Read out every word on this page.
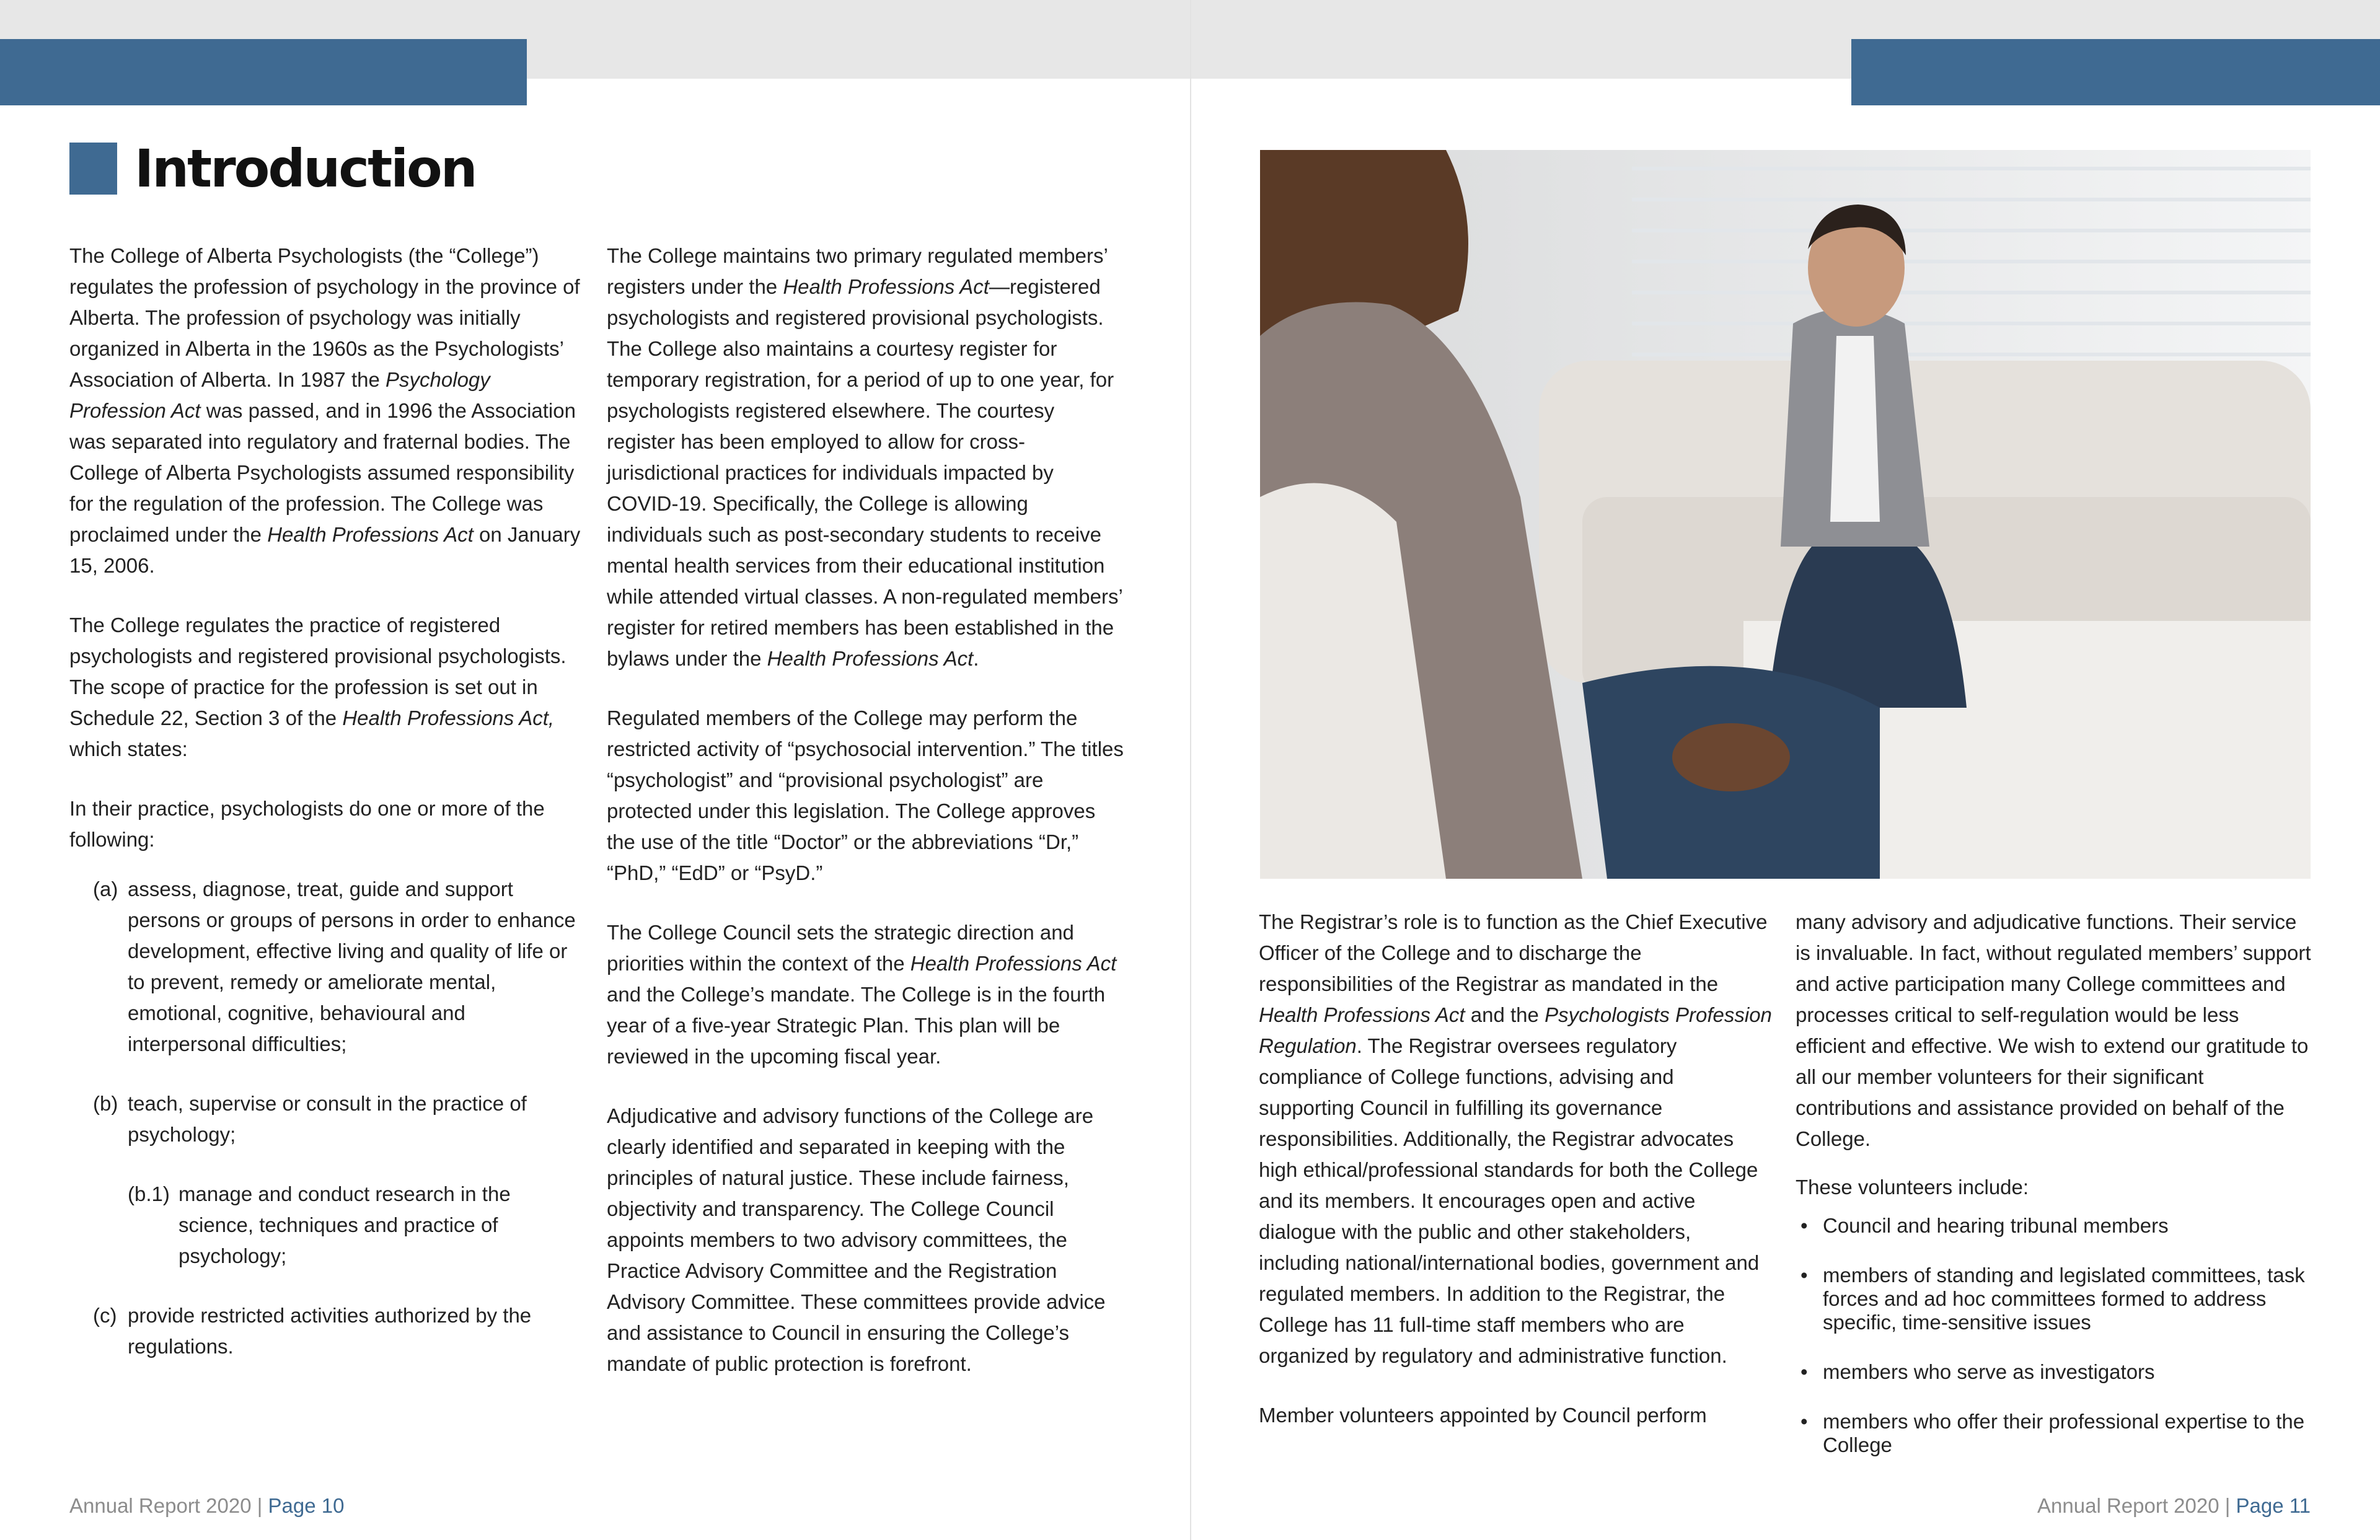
Introduction

The College of Alberta Psychologists (the “College”) regulates the profession of psychology in the province of Alberta. The profession of psychology was initially organized in Alberta in the 1960s as the Psychologists’ Association of Alberta. In 1987 the Psychology Profession Act was passed, and in 1996 the Association was separated into regulatory and fraternal bodies. The College of Alberta Psychologists assumed responsibility for the regulation of the profession. The College was proclaimed under the Health Professions Act on January 15, 2006.

The College regulates the practice of registered psychologists and registered provisional psychologists. The scope of practice for the profession is set out in Schedule 22, Section 3 of the Health Professions Act, which states:

In their practice, psychologists do one or more of the following:

(a) assess, diagnose, treat, guide and support persons or groups of persons in order to enhance development, effective living and quality of life or to prevent, remedy or ameliorate mental, emotional, cognitive, behavioural and interpersonal difficulties;
(b) teach, supervise or consult in the practice of psychology;
(b.1) manage and conduct research in the science, techniques and practice of psychology;
(c) provide restricted activities authorized by the regulations.

The College maintains two primary regulated members’ registers under the Health Professions Act—registered psychologists and registered provisional psychologists. The College also maintains a courtesy register for temporary registration, for a period of up to one year, for psychologists registered elsewhere. The courtesy register has been employed to allow for cross-jurisdictional practices for individuals impacted by COVID-19. Specifically, the College is allowing individuals such as post-secondary students to receive mental health services from their educational institution while attended virtual classes. A non-regulated members’ register for retired members has been established in the bylaws under the Health Professions Act.

Regulated members of the College may perform the restricted activity of “psychosocial intervention.” The titles “psychologist” and “provisional psychologist” are protected under this legislation. The College approves the use of the title “Doctor” or the abbreviations “Dr,” “PhD,” “EdD” or “PsyD.”

The College Council sets the strategic direction and priorities within the context of the Health Professions Act and the College’s mandate. The College is in the fourth year of a five-year Strategic Plan. This plan will be reviewed in the upcoming fiscal year.

Adjudicative and advisory functions of the College are clearly identified and separated in keeping with the principles of natural justice. These include fairness, objectivity and transparency. The College Council appoints members to two advisory committees, the Practice Advisory Committee and the Registration Advisory Committee. These committees provide advice and assistance to Council in ensuring the College’s mandate of public protection is forefront.

Annual Report 2020 | Page 10

The Registrar’s role is to function as the Chief Executive Officer of the College and to discharge the responsibilities of the Registrar as mandated in the Health Professions Act and the Psychologists Profession Regulation. The Registrar oversees regulatory compliance of College functions, advising and supporting Council in fulfilling its governance responsibilities. Additionally, the Registrar advocates high ethical/professional standards for both the College and its members. It encourages open and active dialogue with the public and other stakeholders, including national/international bodies, government and regulated members. In addition to the Registrar, the College has 11 full-time staff members who are organized by regulatory and administrative function.

Member volunteers appointed by Council perform

many advisory and adjudicative functions. Their service is invaluable. In fact, without regulated members’ support and active participation many College committees and processes critical to self-regulation would be less efficient and effective. We wish to extend our gratitude to all our member volunteers for their significant contributions and assistance provided on behalf of the College.

These volunteers include:

• Council and hearing tribunal members
• members of standing and legislated committees, task forces and ad hoc committees formed to address specific, time-sensitive issues
• members who serve as investigators
• members who offer their professional expertise to the College
Annual Report 2020 | Page 11
